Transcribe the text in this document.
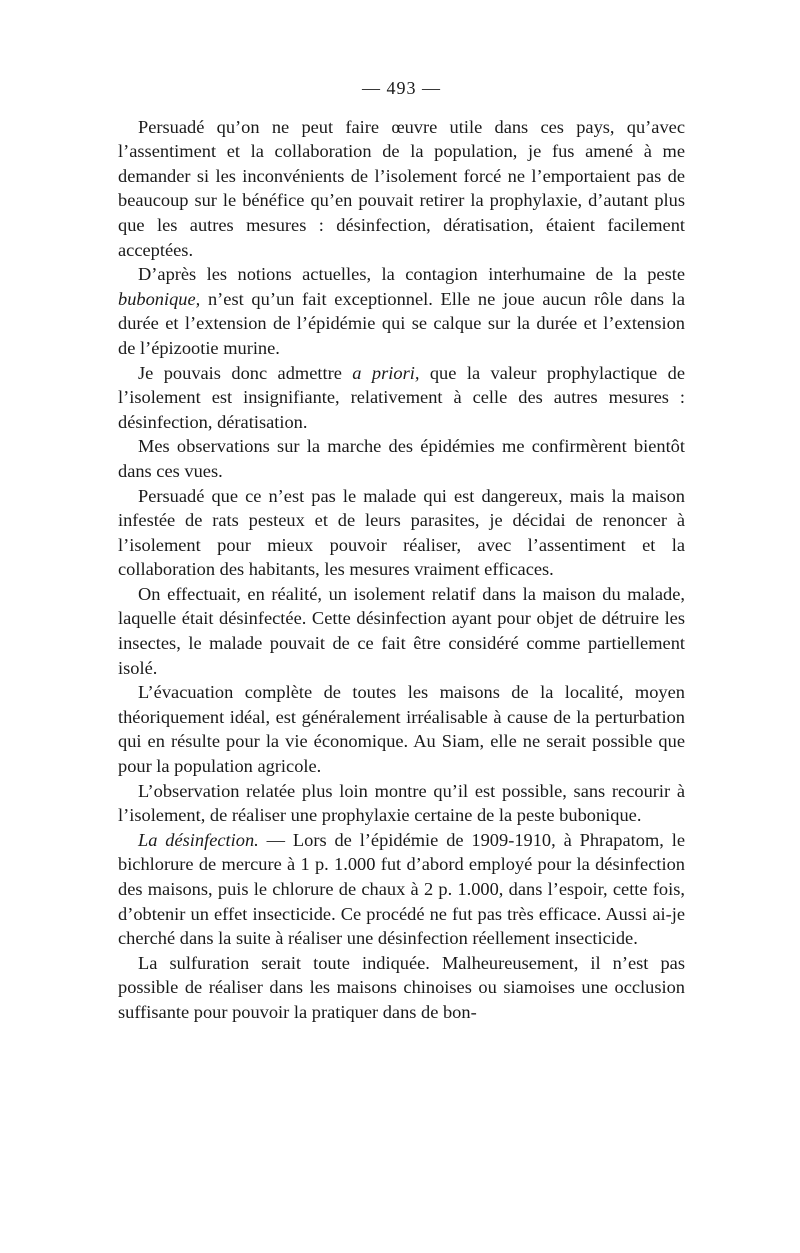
— 493 —

Persuadé qu’on ne peut faire œuvre utile dans ces pays, qu’avec l’assentiment et la collaboration de la population, je fus amené à me demander si les inconvénients de l’isolement forcé ne l’emportaient pas de beaucoup sur le bénéfice qu’en pouvait retirer la prophylaxie, d’autant plus que les autres mesures : désinfection, dératisation, étaient facilement acceptées.

D’après les notions actuelles, la contagion interhumaine de la peste bubonique, n’est qu’un fait exceptionnel. Elle ne joue aucun rôle dans la durée et l’extension de l’épidémie qui se calque sur la durée et l’extension de l’épizootie murine.

Je pouvais donc admettre a priori, que la valeur prophylactique de l’isolement est insignifiante, relativement à celle des autres mesures : désinfection, dératisation.

Mes observations sur la marche des épidémies me confirmèrent bientôt dans ces vues.

Persuadé que ce n’est pas le malade qui est dangereux, mais la maison infestée de rats pesteux et de leurs parasites, je décidai de renoncer à l’isolement pour mieux pouvoir réaliser, avec l’assentiment et la collaboration des habitants, les mesures vraiment efficaces.

On effectuait, en réalité, un isolement relatif dans la maison du malade, laquelle était désinfectée. Cette désinfection ayant pour objet de détruire les insectes, le malade pouvait de ce fait être considéré comme partiellement isolé.

L’évacuation complète de toutes les maisons de la localité, moyen théoriquement idéal, est généralement irréalisable à cause de la perturbation qui en résulte pour la vie économique. Au Siam, elle ne serait possible que pour la population agricole.

L’observation relatée plus loin montre qu’il est possible, sans recourir à l’isolement, de réaliser une prophylaxie certaine de la peste bubonique.

La désinfection. — Lors de l’épidémie de 1909-1910, à Phrapatom, le bichlorure de mercure à 1 p. 1.000 fut d’abord employé pour la désinfection des maisons, puis le chlorure de chaux à 2 p. 1.000, dans l’espoir, cette fois, d’obtenir un effet insecticide. Ce procédé ne fut pas très efficace. Aussi ai-je cherché dans la suite à réaliser une désinfection réellement insecticide.

La sulfuration serait toute indiquée. Malheureusement, il n’est pas possible de réaliser dans les maisons chinoises ou siamoises une occlusion suffisante pour pouvoir la pratiquer dans de bon-
